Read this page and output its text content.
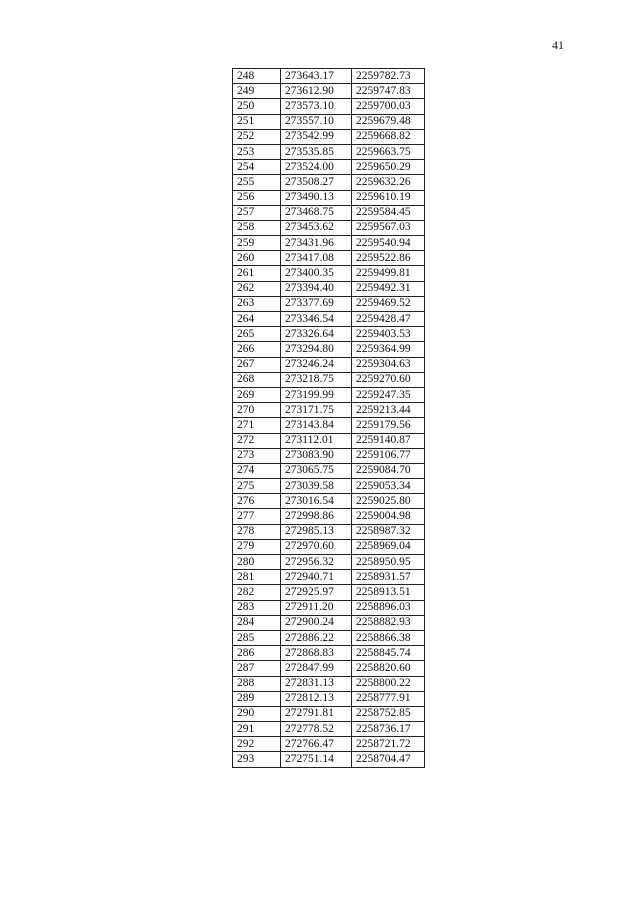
41
248	273643.17	2259782.73
249	273612.90	2259747.83
250	273573.10	2259700.03
251	273557.10	2259679.48
252	273542.99	2259668.82
253	273535.85	2259663.75
254	273524.00	2259650.29
255	273508.27	2259632.26
256	273490.13	2259610.19
257	273468.75	2259584.45
258	273453.62	2259567.03
259	273431.96	2259540.94
260	273417.08	2259522.86
261	273400.35	2259499.81
262	273394.40	2259492.31
263	273377.69	2259469.52
264	273346.54	2259428.47
265	273326.64	2259403.53
266	273294.80	2259364.99
267	273246.24	2259304.63
268	273218.75	2259270.60
269	273199.99	2259247.35
270	273171.75	2259213.44
271	273143.84	2259179.56
272	273112.01	2259140.87
273	273083.90	2259106.77
274	273065.75	2259084.70
275	273039.58	2259053.34
276	273016.54	2259025.80
277	272998.86	2259004.98
278	272985.13	2258987.32
279	272970.60	2258969.04
280	272956.32	2258950.95
281	272940.71	2258931.57
282	272925.97	2258913.51
283	272911.20	2258896.03
284	272900.24	2258882.93
285	272886.22	2258866.38
286	272868.83	2258845.74
287	272847.99	2258820.60
288	272831.13	2258800.22
289	272812.13	2258777.91
290	272791.81	2258752.85
291	272778.52	2258736.17
292	272766.47	2258721.72
293	272751.14	2258704.47
